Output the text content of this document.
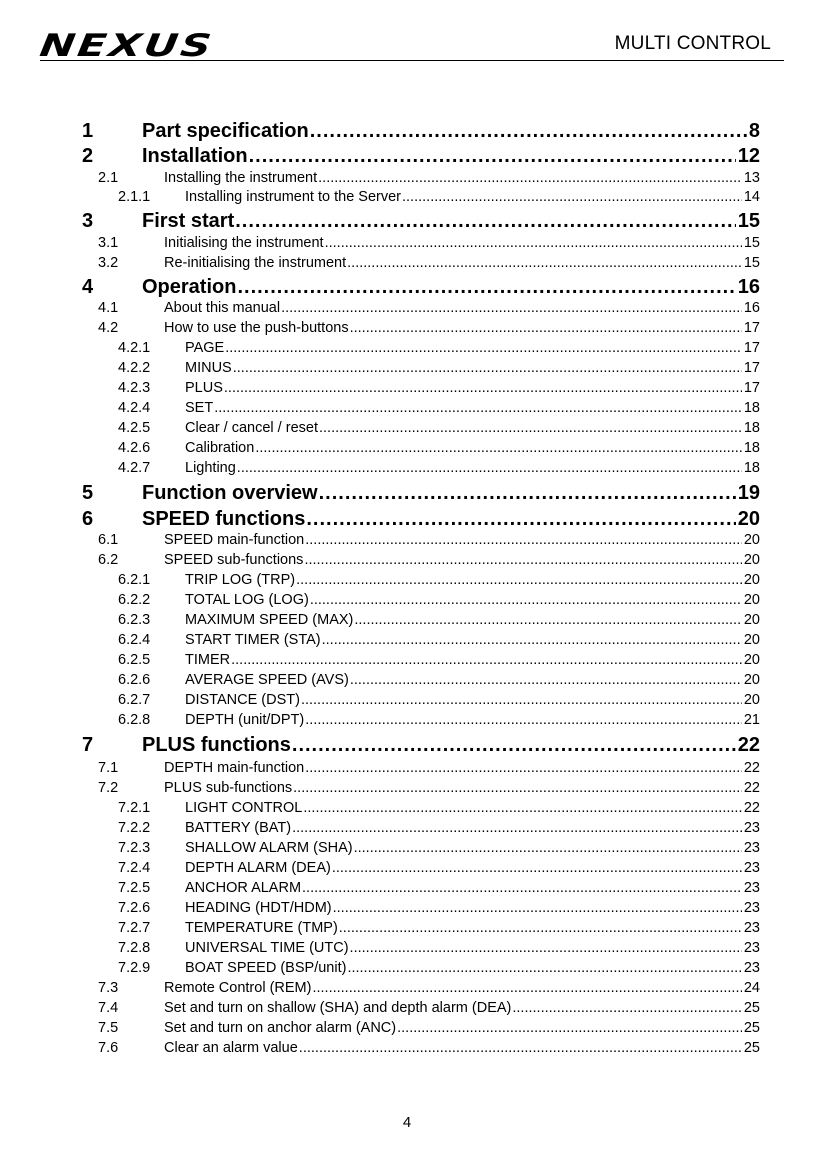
NEXUS	MULTI CONTROL
1	Part specification .....	8
2	Installation .....	12
2.1	Installing the instrument .....	13
2.1.1	Installing instrument to the Server .....	14
3	First start .....	15
3.1	Initialising the instrument .....	15
3.2	Re-initialising the instrument .....	15
4	Operation .....	16
4.1	About this manual .....	16
4.2	How to use the push-buttons .....	17
4.2.1	PAGE .....	17
4.2.2	MINUS .....	17
4.2.3	PLUS .....	17
4.2.4	SET .....	18
4.2.5	Clear / cancel / reset .....	18
4.2.6	Calibration .....	18
4.2.7	Lighting .....	18
5	Function overview .....	19
6	SPEED functions .....	20
6.1	SPEED main-function .....	20
6.2	SPEED sub-functions .....	20
6.2.1	TRIP LOG (TRP) .....	20
6.2.2	TOTAL LOG (LOG) .....	20
6.2.3	MAXIMUM SPEED (MAX) .....	20
6.2.4	START TIMER (STA) .....	20
6.2.5	TIMER .....	20
6.2.6	AVERAGE SPEED (AVS) .....	20
6.2.7	DISTANCE (DST) .....	20
6.2.8	DEPTH (unit/DPT) .....	21
7	PLUS functions .....	22
7.1	DEPTH main-function .....	22
7.2	PLUS sub-functions .....	22
7.2.1	LIGHT CONTROL .....	22
7.2.2	BATTERY (BAT) .....	23
7.2.3	SHALLOW ALARM (SHA) .....	23
7.2.4	DEPTH ALARM (DEA) .....	23
7.2.5	ANCHOR ALARM .....	23
7.2.6	HEADING (HDT/HDM) .....	23
7.2.7	TEMPERATURE (TMP) .....	23
7.2.8	UNIVERSAL TIME (UTC) .....	23
7.2.9	BOAT SPEED (BSP/unit) .....	23
7.3	Remote Control (REM) .....	24
7.4	Set and turn on shallow (SHA) and depth alarm (DEA) .....	25
7.5	Set and turn on anchor alarm (ANC) .....	25
7.6	Clear an alarm value .....	25
4
